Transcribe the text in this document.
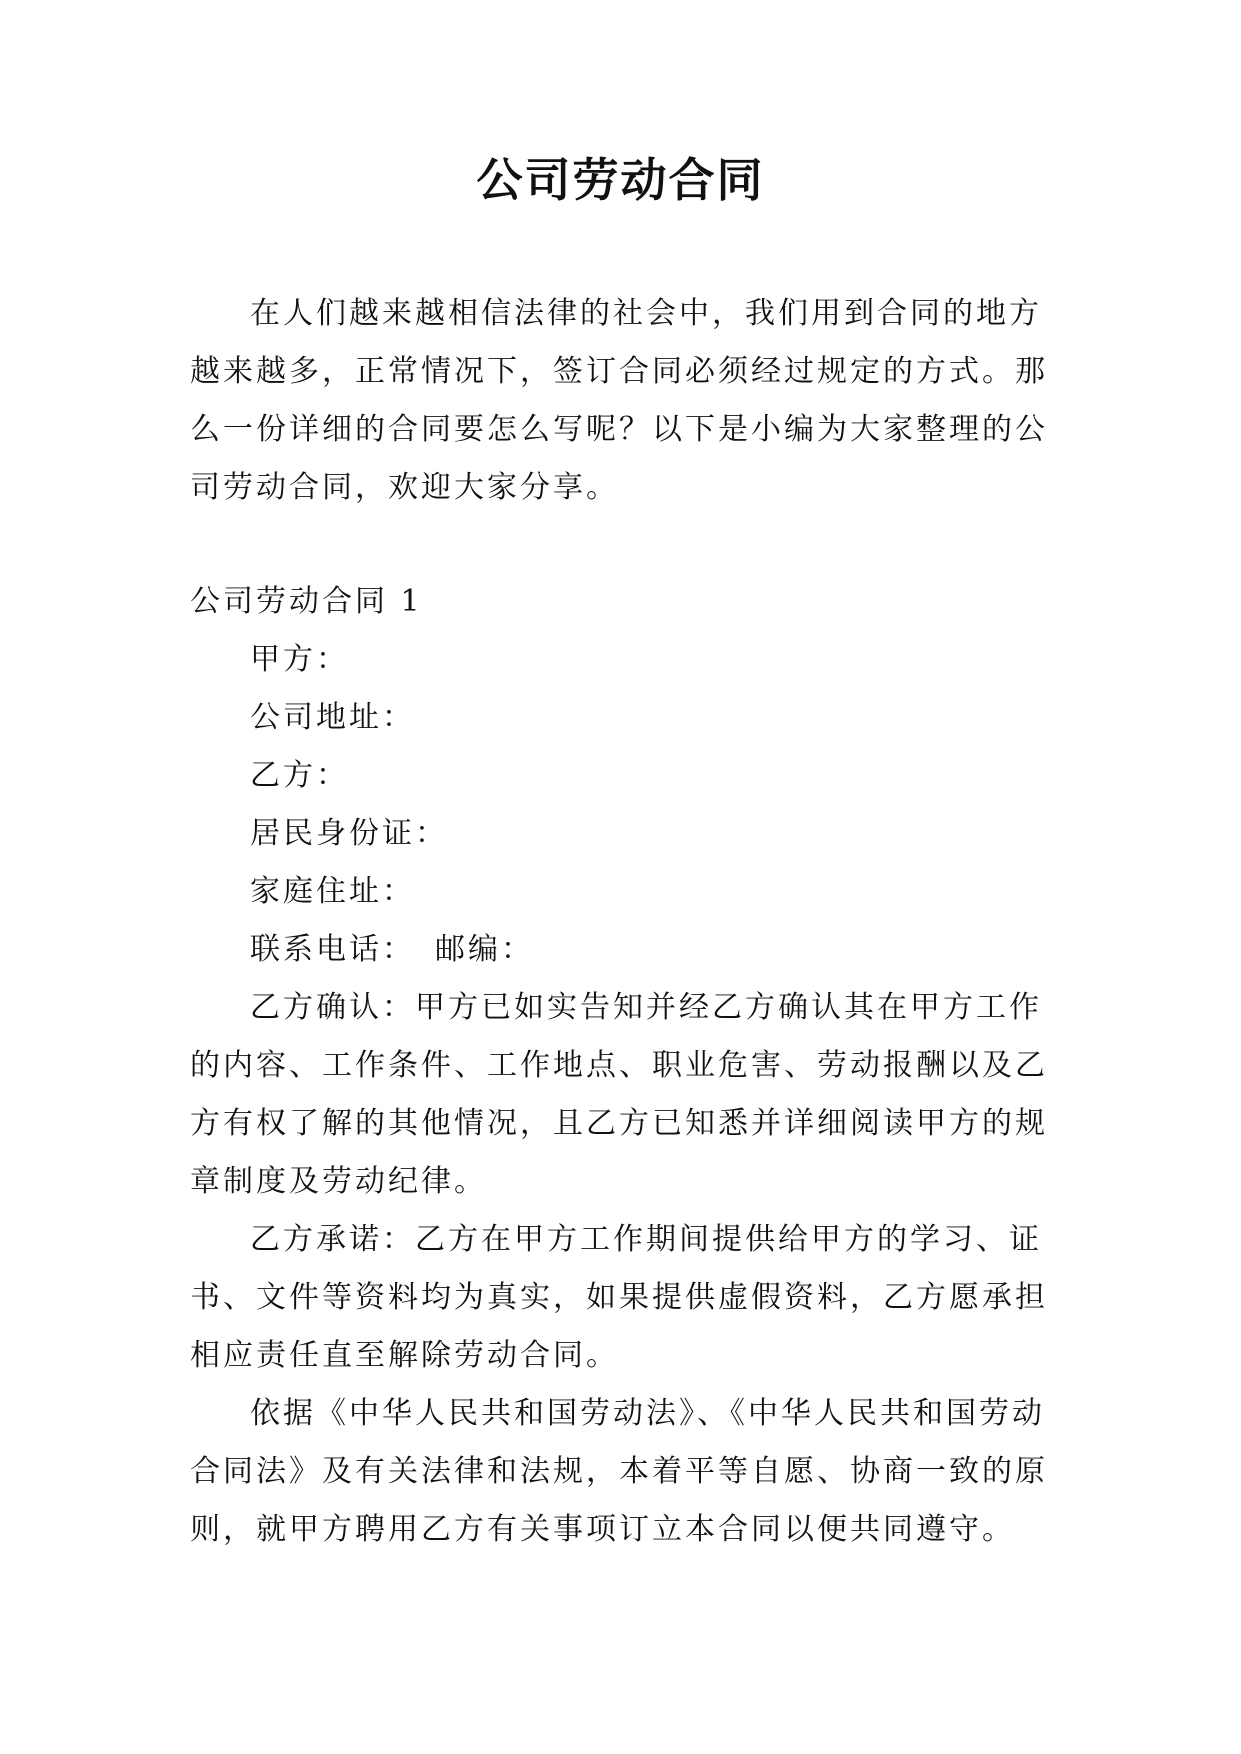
公司劳动合同

在人们越来越相信法律的社会中，我们用到合同的地方越来越多，正常情况下，签订合同必须经过规定的方式。那么一份详细的合同要怎么写呢？以下是小编为大家整理的公司劳动合同，欢迎大家分享。

公司劳动合同 1

甲方：

公司地址：

乙方：

居民身份证：

家庭住址：

联系电话： 邮编：

乙方确认：甲方已如实告知并经乙方确认其在甲方工作的内容、工作条件、工作地点、职业危害、劳动报酬以及乙方有权了解的其他情况，且乙方已知悉并详细阅读甲方的规章制度及劳动纪律。

乙方承诺：乙方在甲方工作期间提供给甲方的学习、证书、文件等资料均为真实，如果提供虚假资料，乙方愿承担相应责任直至解除劳动合同。

依据《中华人民共和国劳动法》、《中华人民共和国劳动合同法》及有关法律和法规，本着平等自愿、协商一致的原则，就甲方聘用乙方有关事项订立本合同以便共同遵守。
